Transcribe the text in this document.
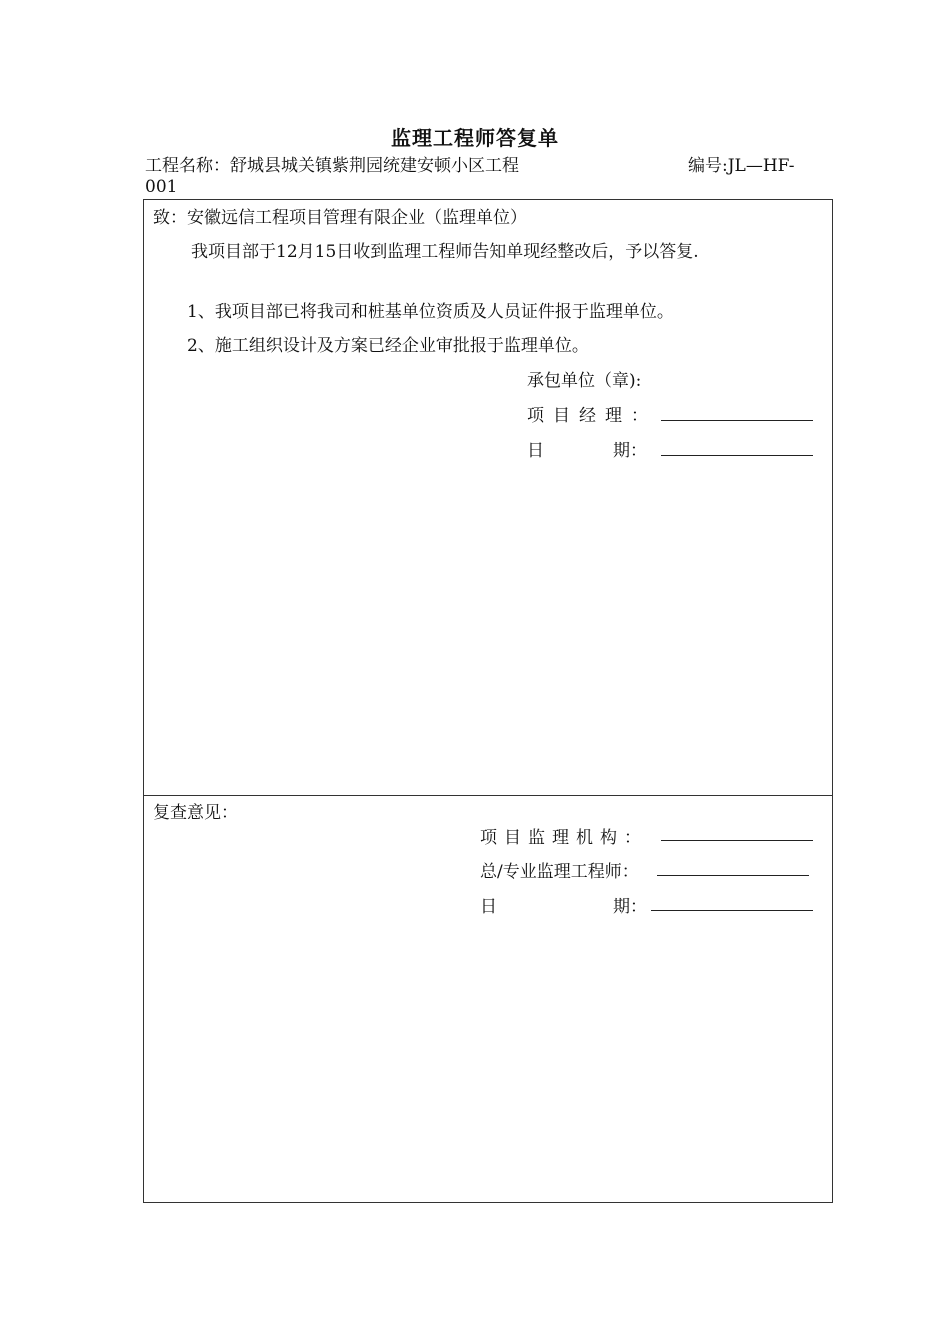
监理工程师答复单
工程名称：舒城县城关镇紫荆园统建安顿小区工程	编号:JL—HF-
001
致：安徽远信工程项目管理有限企业（监理单位）
我项目部于12月15日收到监理工程师告知单现经整改后，予以答复.
1、我项目部已将我司和桩基单位资质及人员证件报于监理单位。
2、施工组织设计及方案已经企业审批报于监理单位。
承包单位（章):
项目经理：
日	期：
复查意见：
项目监理机构：
总/专业监理工程师：
日	期：
